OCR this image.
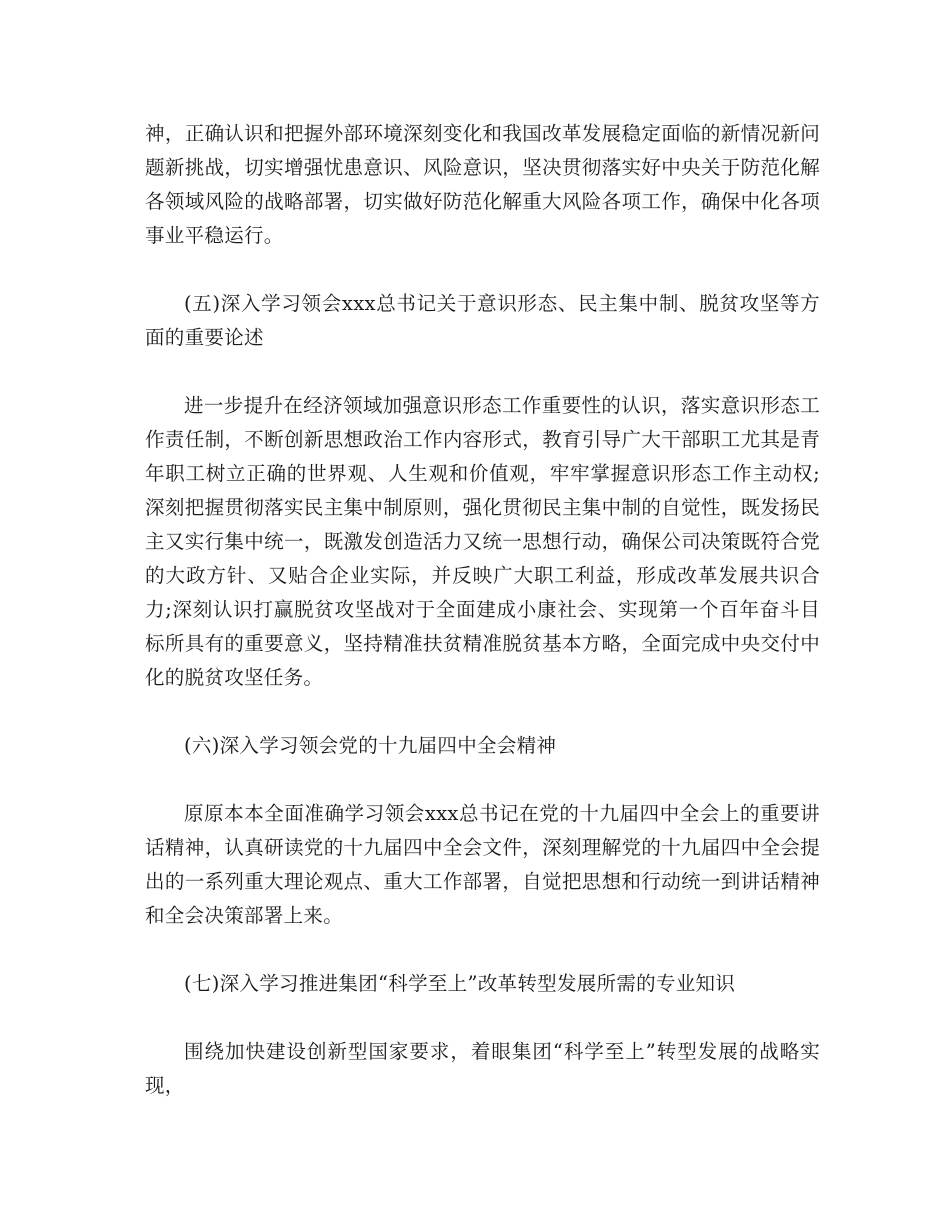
神，正确认识和把握外部环境深刻变化和我国改革发展稳定面临的新情况新问题新挑战，切实增强忧患意识、风险意识，坚决贯彻落实好中央关于防范化解各领域风险的战略部署，切实做好防范化解重大风险各项工作，确保中化各项事业平稳运行。

(五)深入学习领会xxx总书记关于意识形态、民主集中制、脱贫攻坚等方面的重要论述

进一步提升在经济领域加强意识形态工作重要性的认识，落实意识形态工作责任制，不断创新思想政治工作内容形式，教育引导广大干部职工尤其是青年职工树立正确的世界观、人生观和价值观，牢牢掌握意识形态工作主动权;深刻把握贯彻落实民主集中制原则，强化贯彻民主集中制的自觉性，既发扬民主又实行集中统一，既激发创造活力又统一思想行动，确保公司决策既符合党的大政方针、又贴合企业实际，并反映广大职工利益，形成改革发展共识合力;深刻认识打赢脱贫攻坚战对于全面建成小康社会、实现第一个百年奋斗目标所具有的重要意义，坚持精准扶贫精准脱贫基本方略，全面完成中央交付中化的脱贫攻坚任务。

(六)深入学习领会党的十九届四中全会精神

原原本本全面准确学习领会xxx总书记在党的十九届四中全会上的重要讲话精神，认真研读党的十九届四中全会文件，深刻理解党的十九届四中全会提出的一系列重大理论观点、重大工作部署，自觉把思想和行动统一到讲话精神和全会决策部署上来。

(七)深入学习推进集团“科学至上”改革转型发展所需的专业知识

围绕加快建设创新型国家要求，着眼集团“科学至上”转型发展的战略实现，
